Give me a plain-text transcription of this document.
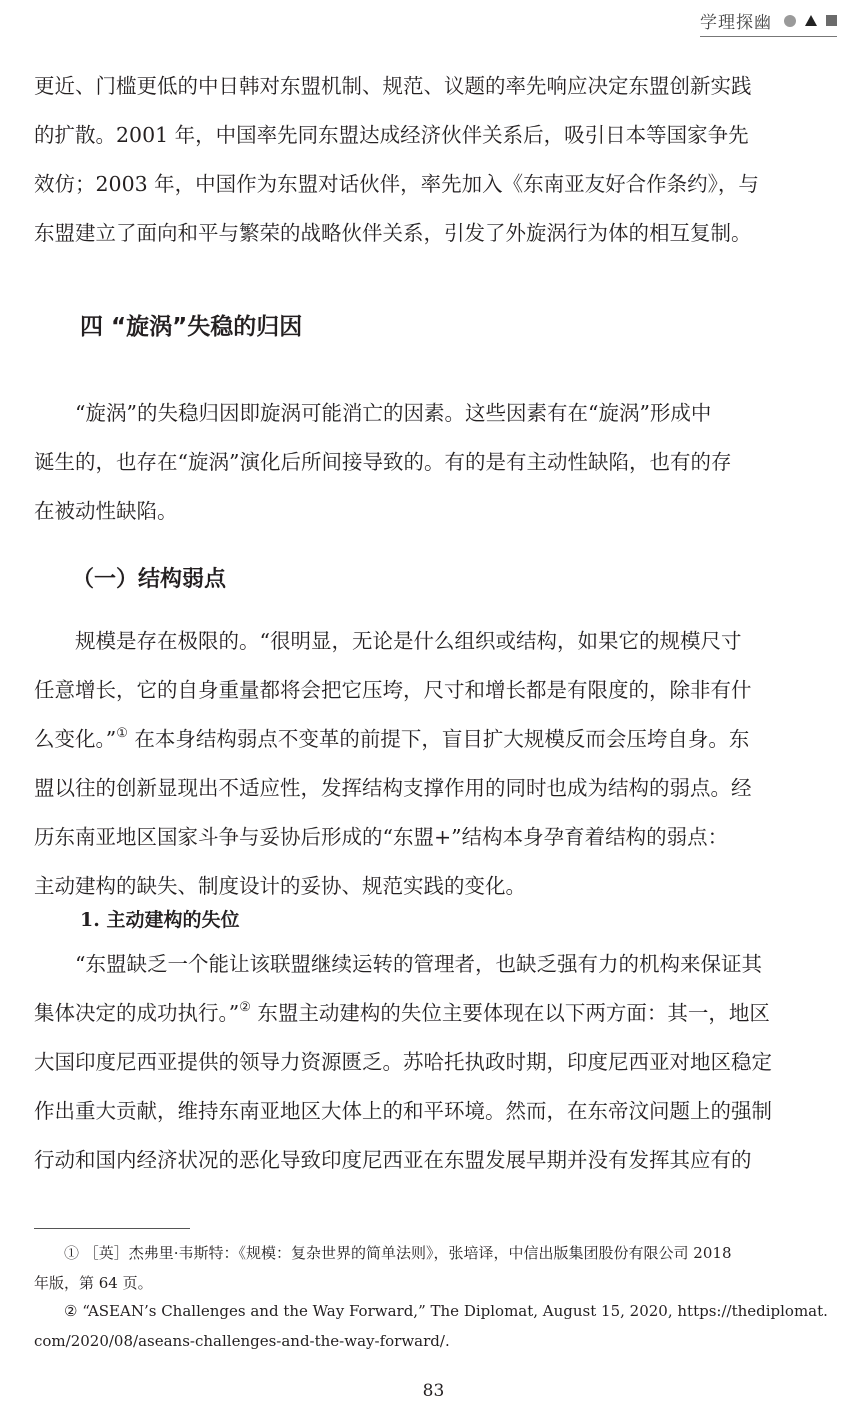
学理探幽
更近、门槛更低的中日韩对东盟机制、规范、议题的率先响应决定东盟创新实践
的扩散。2001 年，中国率先同东盟达成经济伙伴关系后，吸引日本等国家争先
效仿；2003 年，中国作为东盟对话伙伴，率先加入《东南亚友好合作条约》，与
东盟建立了面向和平与繁荣的战略伙伴关系，引发了外旋涡行为体的相互复制。
四 “旋涡”失稳的归因
“旋涡”的失稳归因即旋涡可能消亡的因素。这些因素有在“旋涡”形成中
诞生的，也存在“旋涡”演化后所间接导致的。有的是有主动性缺陷，也有的存
在被动性缺陷。
（一）结构弱点
规模是存在极限的。“很明显，无论是什么组织或结构，如果它的规模尺寸
任意增长，它的自身重量都将会把它压垮，尺寸和增长都是有限度的，除非有什
么变化。”① 在本身结构弱点不变革的前提下，盲目扩大规模反而会压垮自身。东
盟以往的创新显现出不适应性，发挥结构支撑作用的同时也成为结构的弱点。经
历东南亚地区国家斗争与妥协后形成的“东盟+”结构本身孕育着结构的弱点：
主动建构的缺失、制度设计的妥协、规范实践的变化。
1. 主动建构的失位
“东盟缺乏一个能让该联盟继续运转的管理者，也缺乏强有力的机构来保证其
集体决定的成功执行。”② 东盟主动建构的失位主要体现在以下两方面：其一，地区
大国印度尼西亚提供的领导力资源匮乏。苏哈托执政时期，印度尼西亚对地区稳定
作出重大贡献，维持东南亚地区大体上的和平环境。然而，在东帝汶问题上的强制
行动和国内经济状况的恶化导致印度尼西亚在东盟发展早期并没有发挥其应有的
① ［英］杰弗里·韦斯特：《规模：复杂世界的简单法则》，张培译，中信出版集团股份有限公司 2018
年版，第 64 页。
② “ASEAN’s Challenges and the Way Forward,” The Diplomat, August 15, 2020, https://thediplomat.
com/2020/08/aseans-challenges-and-the-way-forward/.
83
